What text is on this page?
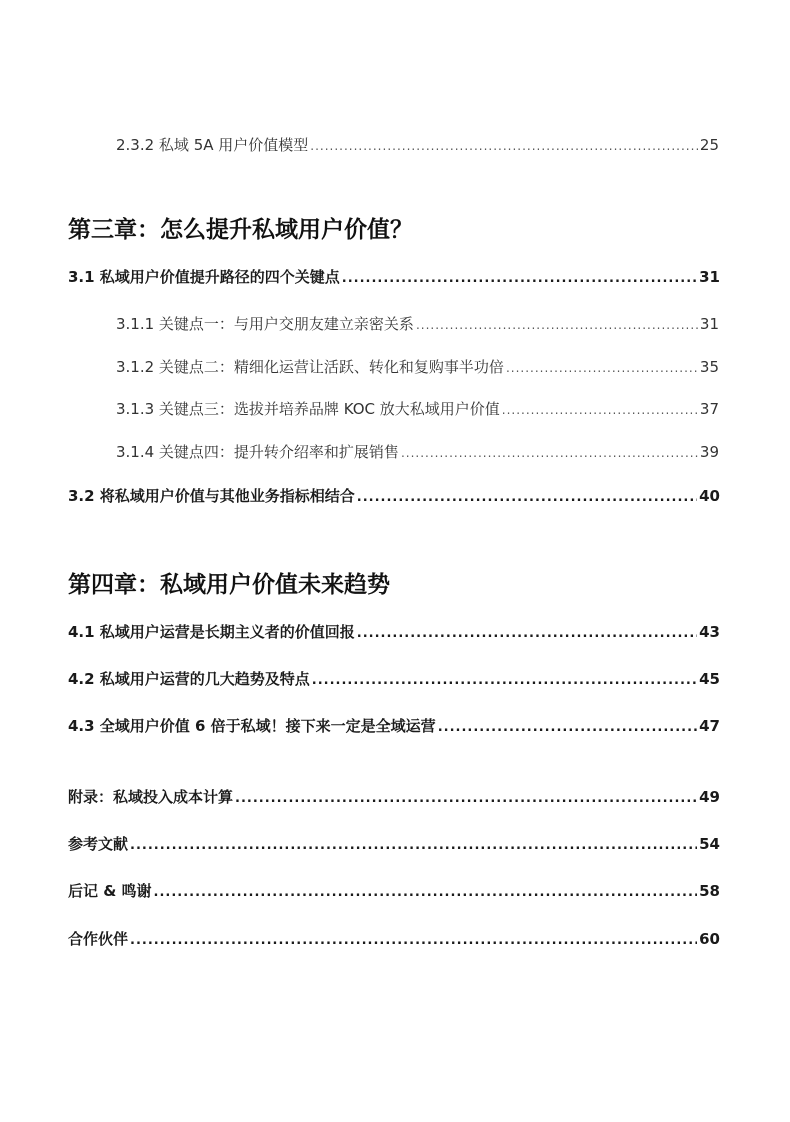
2.3.2 私域 5A 用户价值模型 .....	25
第三章：怎么提升私域用户价值？
3.1 私域用户价值提升路径的四个关键点 .....	31
3.1.1 关键点一：与用户交朋友建立亲密关系 .....	31
3.1.2 关键点二：精细化运营让活跃、转化和复购事半功倍 .....	35
3.1.3 关键点三：选拔并培养品牌 KOC 放大私域用户价值 .....	37
3.1.4 关键点四：提升转介绍率和扩展销售 .....	39
3.2 将私域用户价值与其他业务指标相结合 .....	40
第四章：私域用户价值未来趋势
4.1 私域用户运营是长期主义者的价值回报 .....	43
4.2 私域用户运营的几大趋势及特点 .....	45
4.3 全域用户价值 6 倍于私域！接下来一定是全域运营 .....	47
附录：私域投入成本计算 .....	49
参考文献 .....	54
后记 & 鸣谢 .....	58
合作伙伴 .....	60
